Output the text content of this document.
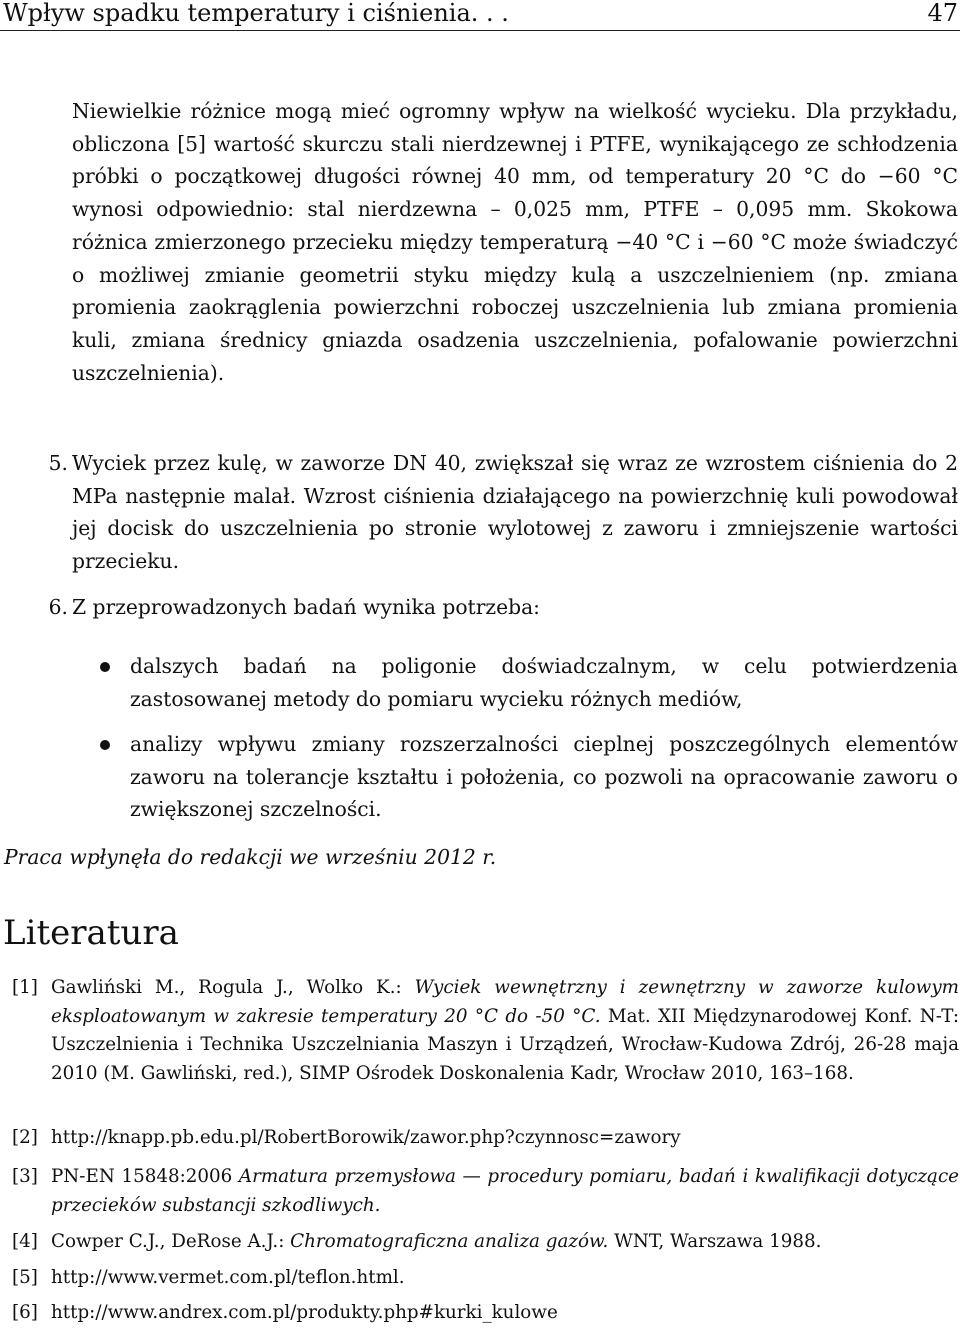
Wpływ spadku temperatury i ciśnienia. . .	47
Niewielkie różnice mogą mieć ogromny wpływ na wielkość wycieku. Dla przykładu, obliczona [5] wartość skurczu stali nierdzewnej i PTFE, wynikającego ze schłodzenia próbki o początkowej długości równej 40 mm, od temperatury 20 °C do −60 °C wynosi odpowiednio: stal nierdzewna – 0,025 mm, PTFE – 0,095 mm. Skokowa różnica zmierzonego przecieku między temperaturą −40 °C i −60 °C może świadczyć o możliwej zmianie geometrii styku między kulą a uszczelnieniem (np. zmiana promienia zaokrąglenia powierzchni roboczej uszczelnienia lub zmiana promienia kuli, zmiana średnicy gniazda osadzenia uszczelnienia, pofalowanie powierzchni uszczelnienia).
5. Wyciek przez kulę, w zaworze DN 40, zwiększał się wraz ze wzrostem ciśnienia do 2 MPa następnie malał. Wzrost ciśnienia działającego na powierzchnię kuli powodował jej docisk do uszczelnienia po stronie wylotowej z zaworu i zmniejszenie wartości przecieku.
6. Z przeprowadzonych badań wynika potrzeba:
dalszych badań na poligonie doświadczalnym, w celu potwierdzenia zastosowanej metody do pomiaru wycieku różnych mediów,
analizy wpływu zmiany rozszerzalności cieplnej poszczególnych elementów zaworu na tolerancje kształtu i położenia, co pozwoli na opracowanie zaworu o zwiększonej szczelności.
Praca wpłynęła do redakcji we wrześniu 2012 r.
Literatura
[1] Gawliński M., Rogula J., Wolko K.: Wyciek wewnętrzny i zewnętrzny w zaworze kulowym eksploatowanym w zakresie temperatury 20 °C do -50 °C. Mat. XII Międzynarodowej Konf. N-T: Uszczelnienia i Technika Uszczelniania Maszyn i Urządzeń, Wrocław-Kudowa Zdrój, 26-28 maja 2010 (M. Gawliński, red.), SIMP Ośrodek Doskonalenia Kadr, Wrocław 2010, 163–168.
[2] http://knapp.pb.edu.pl/RobertBorowik/zawor.php?czynnosc=zawory
[3] PN-EN 15848:2006 Armatura przemysłowa — procedury pomiaru, badań i kwalifikacji dotyczące przecieków substancji szkodliwych.
[4] Cowper C.J., DeRose A.J.: Chromatograficzna analiza gazów. WNT, Warszawa 1988.
[5] http://www.vermet.com.pl/teflon.html.
[6] http://www.andrex.com.pl/produkty.php#kurki_kulowe
